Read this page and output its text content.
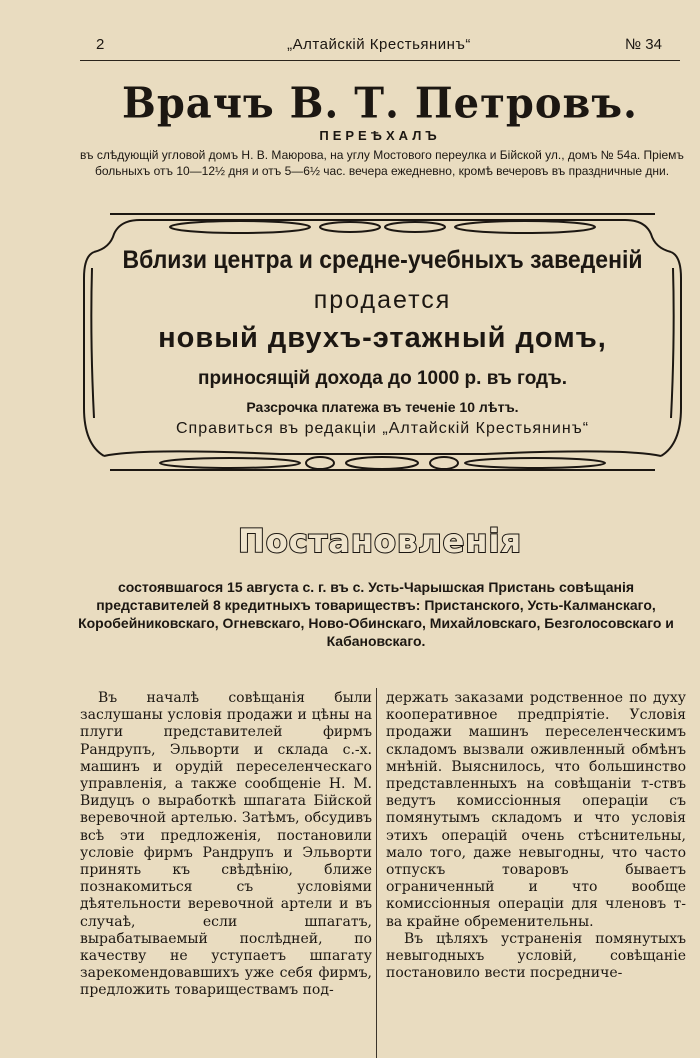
2	„Алтайскій Крестьянинъ“	№ 34
Врачъ В. Т. Петровъ.
ПЕРЕѢХАЛЪ
въ слѣдующій угловой домъ Н. В. Маюрова, на углу Мостового переулка и Бійской ул., домъ № 54а. Пріемъ больныхъ отъ 10—12½ дня и отъ 5—6½ час. вечера ежедневно, кромѣ вечеровъ въ праздничные дни.
Вблизи центра и средне-учебныхъ заведеній
продается
новый двухъ-этажный домъ,
приносящій дохода до 1000 р. въ годъ.
Разсрочка платежа въ теченіе 10 лѣтъ.
Справиться въ редакціи „Алтайскій Крестьянинъ“
Постановленія
состоявшагося 15 августа с. г. въ с. Усть-Чарышская Пристань совѣщанія представителей 8 кредитныхъ товариществъ: Пристанского, Усть-Калманскаго, Коробейниковскаго, Огневскаго, Ново-Обинскаго, Михайловскаго, Безголосовскаго и Кабановскаго.

Въ началѣ совѣщанія были заслушаны условія продажи и цѣны на плуги представителей фирмъ Рандрупъ, Эльворти и склада с.-х. машинъ и орудій переселенческаго управленія, а также сообщеніе Н. М. Видуцъ о выработкѣ шпагата Бійской веревочной артелью. Затѣмъ, обсудивъ всѣ эти предложенія, постановили условіе фирмъ Рандрупъ и Эльворти принять къ свѣдѣнію, ближе познакомиться съ условіями дѣятельности веревочной артели и въ случаѣ, если шпагатъ, вырабатываемый послѣдней, по качеству не уступаетъ шпагату зарекомендовавшихъ уже себя фирмъ, предложить товариществамъ под-

держать заказами родственное по духу кооперативное предпріятіе. Условія продажи машинъ переселенческимъ складомъ вызвали оживленный обмѣнъ мнѣній. Выяснилось, что большинство представленныхъ на совѣщаніи т-ствъ ведутъ комиссіонныя операціи съ помянутымъ складомъ и что условія этихъ операцій очень стѣснительны, мало того, даже невыгодны, что часто отпускъ товаровъ бываетъ ограниченный и что вообще комиссіонныя операціи для членовъ т-ва крайне обременительны.

Въ цѣляхъ устраненія помянутыхъ невыгодныхъ условій, совѣщаніе постановило вести посредниче-
